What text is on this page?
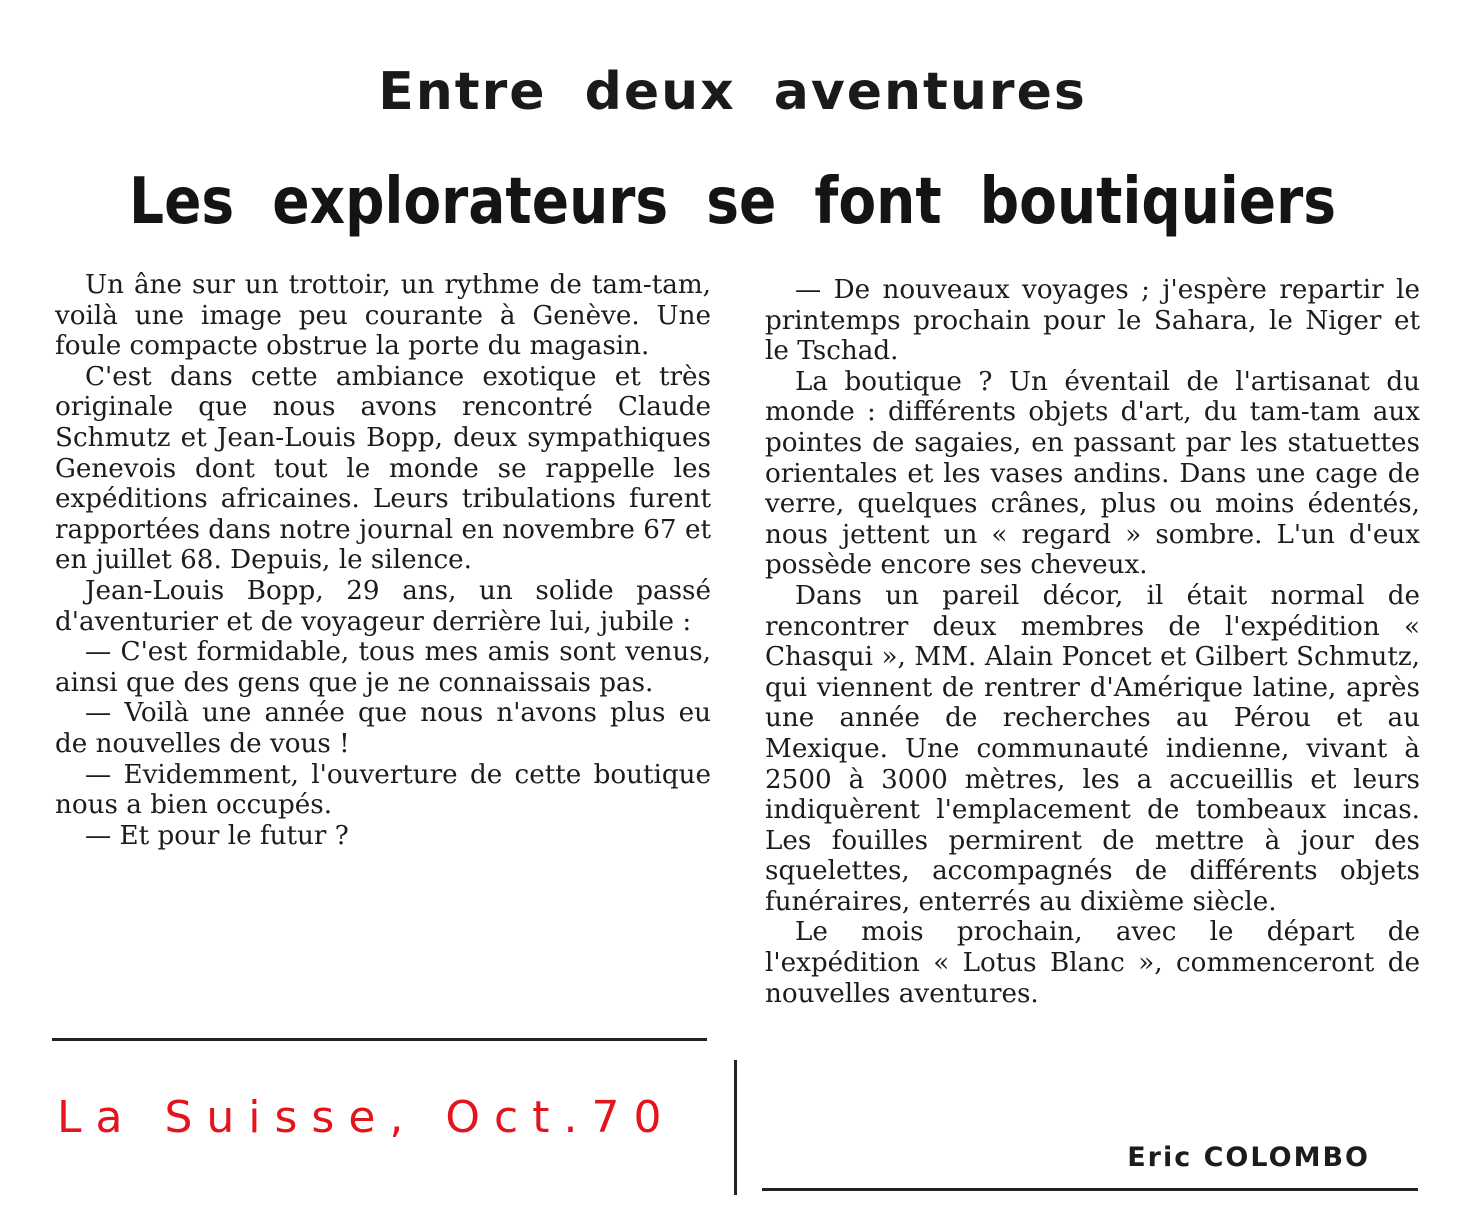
Entre deux aventures
Les explorateurs se font boutiquiers

Un âne sur un trottoir, un rythme de tam-tam, voilà une image peu courante à Genève. Une foule compacte obstrue la porte du magasin.

C'est dans cette ambiance exotique et très originale que nous avons rencontré Claude Schmutz et Jean-Louis Bopp, deux sympathiques Genevois dont tout le monde se rappelle les expéditions africaines. Leurs tribulations furent rapportées dans notre journal en novembre 67 et en juillet 68. Depuis, le silence.

Jean-Louis Bopp, 29 ans, un solide passé d'aventurier et de voyageur derrière lui, jubile :

— C'est formidable, tous mes amis sont venus, ainsi que des gens que je ne connaissais pas.

— Voilà une année que nous n'avons plus eu de nouvelles de vous !

— Evidemment, l'ouverture de cette boutique nous a bien occupés.

— Et pour le futur ?

— De nouveaux voyages ; j'espère repartir le printemps prochain pour le Sahara, le Niger et le Tschad.

La boutique ? Un éventail de l'artisanat du monde : différents objets d'art, du tam-tam aux pointes de sagaies, en passant par les statuettes orientales et les vases andins. Dans une cage de verre, quelques crânes, plus ou moins édentés, nous jettent un « regard » sombre. L'un d'eux possède encore ses cheveux.

Dans un pareil décor, il était normal de rencontrer deux membres de l'expédition « Chasqui », MM. Alain Poncet et Gilbert Schmutz, qui viennent de rentrer d'Amérique latine, après une année de recherches au Pérou et au Mexique. Une communauté indienne, vivant à 2500 à 3000 mètres, les a accueillis et leurs indiquèrent l'emplacement de tombeaux incas. Les fouilles permirent de mettre à jour des squelettes, accompagnés de différents objets funéraires, enterrés au dixième siècle.

Le mois prochain, avec le départ de l'expédition « Lotus Blanc », commenceront de nouvelles aventures.

Eric COLOMBO
La Suisse, Oct.70
